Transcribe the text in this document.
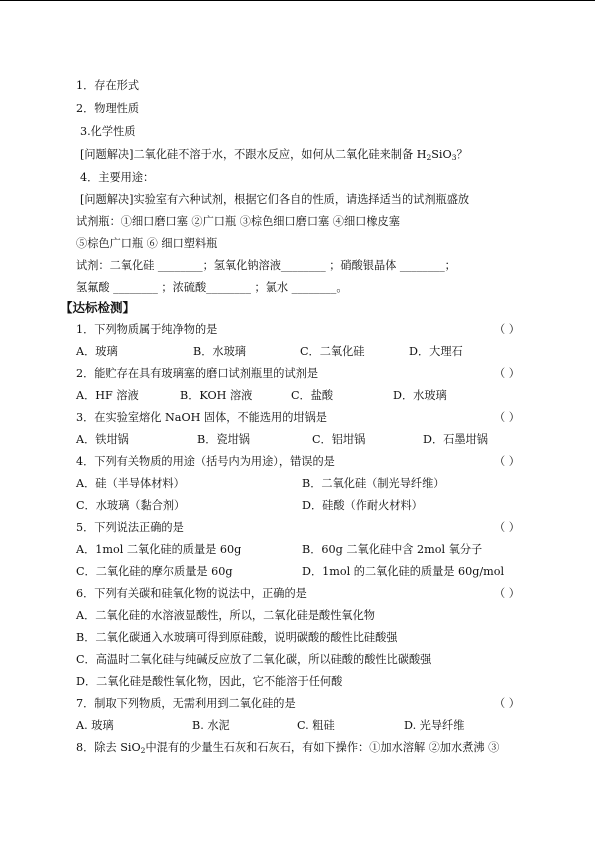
1．存在形式
2．物理性质
3.化学性质
[问题解决]二氧化硅不溶于水，不跟水反应，如何从二氧化硅来制备 $H_2SiO_3$？
4．主要用途：
[问题解决]实验室有六种试剂，根据它们各自的性质，请选择适当的试剂瓶盛放
试剂瓶：①细口磨口塞 ②广口瓶 ③棕色细口磨口塞 ④细口橡皮塞
⑤棕色广口瓶 ⑥ 细口塑料瓶
试剂：二氧化硅 ________；氢氧化钠溶液________ ；硝酸银晶体 ________；
氢氟酸 ________ ；浓硫酸________ ；氯水 ________。
【达标检测】
1．下列物质属于纯净物的是	（ ）
A．玻璃	B．水玻璃	C．二氧化硅	D．大理石
2．能贮存在具有玻璃塞的磨口试剂瓶里的试剂是	（ ）
A．HF 溶液	B．KOH 溶液	C．盐酸	D．水玻璃
3．在实验室熔化 NaOH 固体，不能选用的坩锅是	（ ）
A．铁坩锅	B．瓷坩锅	C．铝坩锅	D．石墨坩锅
4．下列有关物质的用途（括号内为用途），错误的是	（ ）
A．硅（半导体材料）	B．二氧化硅（制光导纤维）
C．水玻璃（黏合剂）	D．硅酸（作耐火材料）
5．下列说法正确的是	（ ）
A．1mol 二氧化硅的质量是 60g	B．60g 二氧化硅中含 2mol 氧分子
C．二氧化硅的摩尔质量是 60g	D．1mol 的二氧化硅的质量是 60g/mol
6．下列有关碳和硅氧化物的说法中，正确的是	（ ）
A．二氧化硅的水溶液显酸性，所以，二氧化硅是酸性氧化物
B．二氧化碳通入水玻璃可得到原硅酸，说明碳酸的酸性比硅酸强
C．高温时二氧化硅与纯碱反应放了二氧化碳，所以硅酸的酸性比碳酸强
D．二氧化硅是酸性氧化物，因此，它不能溶于任何酸
7．制取下列物质，无需利用到二氧化硅的是	（ ）
A. 玻璃	B. 水泥	C. 粗硅	D. 光导纤维
8．除去 SiO$_2$中混有的少量生石灰和石灰石，有如下操作：①加水溶解 ②加水煮沸 ③
